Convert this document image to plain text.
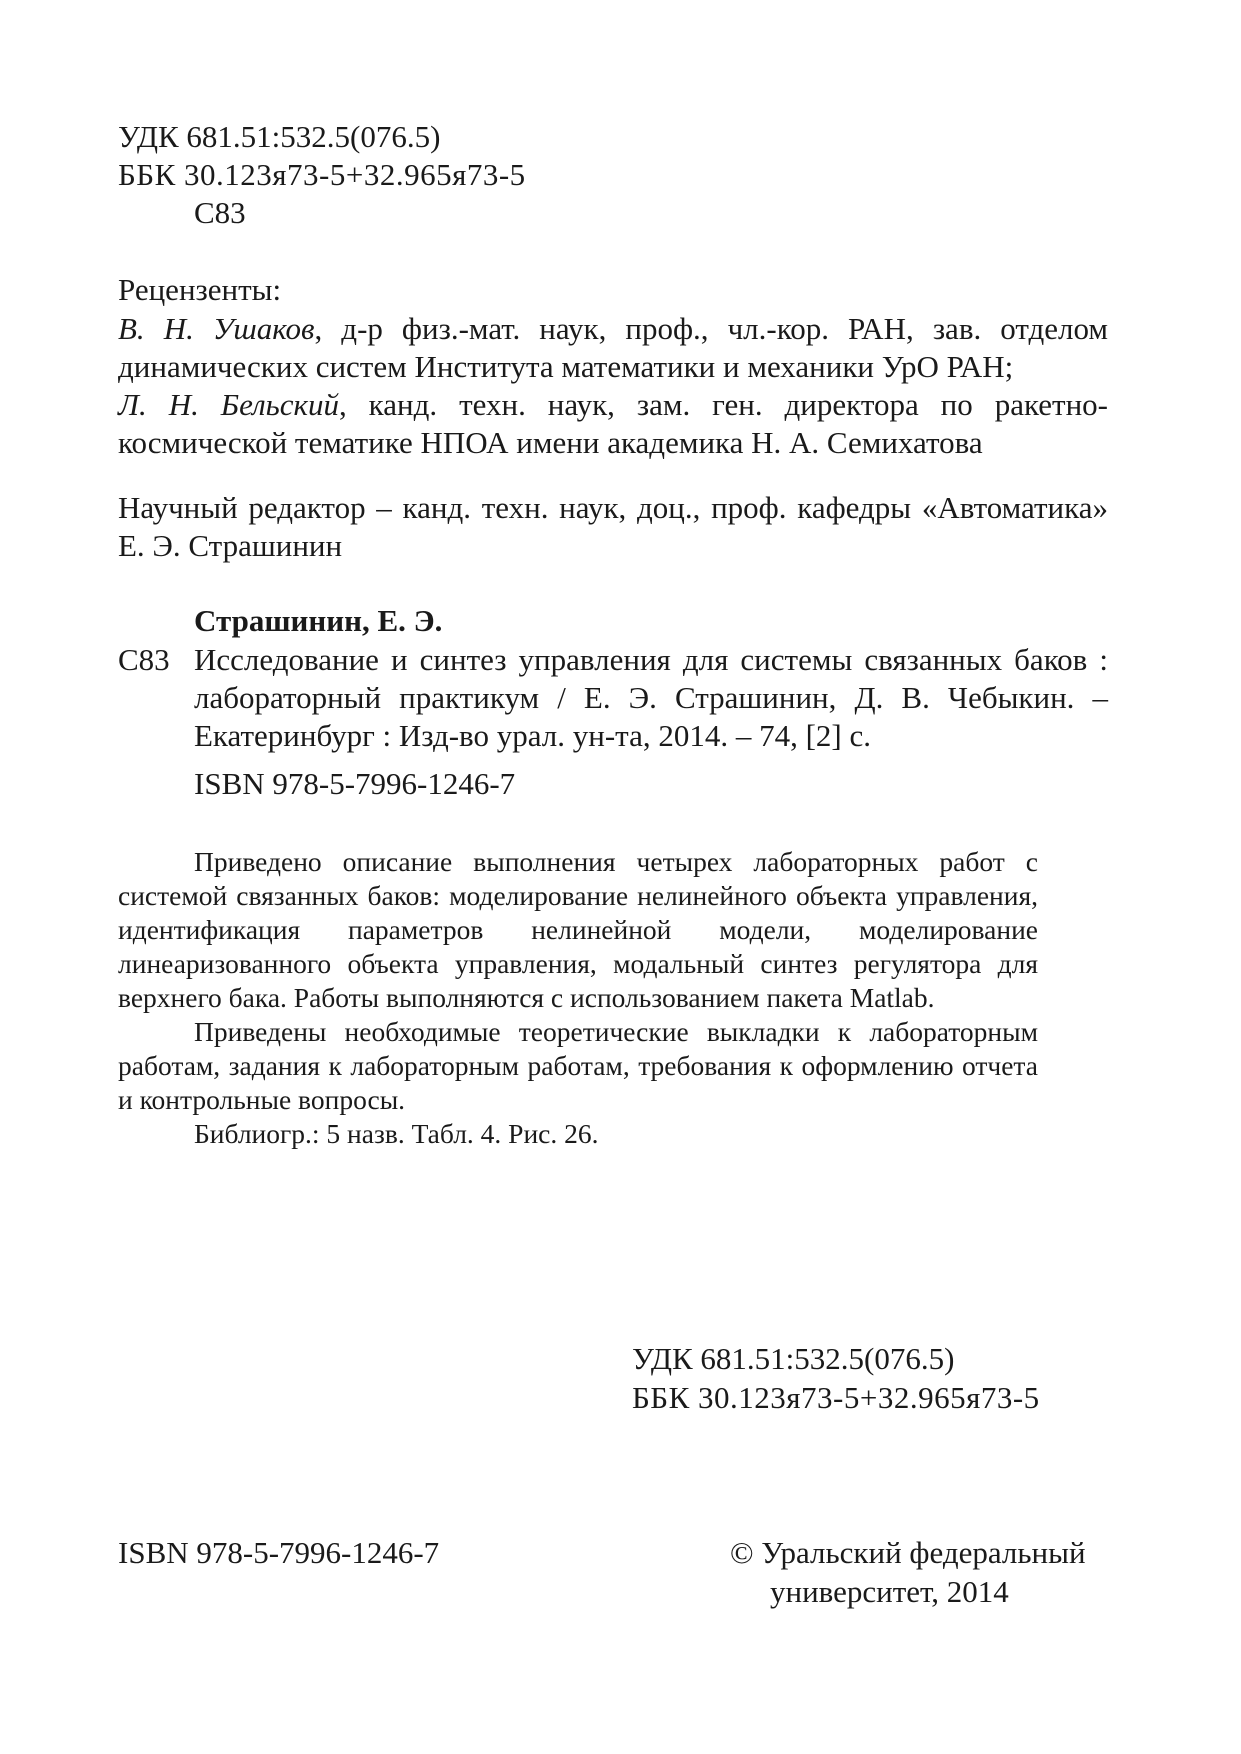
УДК 681.51:532.5(076.5)
ББК 30.123я73-5+32.965я73-5
С83
Рецензенты:
В. Н. Ушаков, д-р физ.-мат. наук, проф., чл.-кор. РАН, зав. отделом динамических систем Института математики и механики УрО РАН;
Л. Н. Бельский, канд. техн. наук, зам. ген. директора по ракетно-космической тематике НПОА имени академика Н. А. Семихатова
Научный редактор – канд. техн. наук, доц., проф. кафедры «Автоматика» Е. Э. Страшинин
Страшинин, Е. Э.
С83 Исследование и синтез управления для системы связанных баков : лабораторный практикум / Е. Э. Страшинин, Д. В. Чебыкин. – Екатеринбург : Изд-во урал. ун-та, 2014. – 74, [2] с.
ISBN 978-5-7996-1246-7
Приведено описание выполнения четырех лабораторных работ с системой связанных баков: моделирование нелинейного объекта управления, идентификация параметров нелинейной модели, моделирование линеаризованного объекта управления, модальный синтез регулятора для верхнего бака. Работы выполняются с использованием пакета Matlab.
Приведены необходимые теоретические выкладки к лабораторным работам, задания к лабораторным работам, требования к оформлению отчета и контрольные вопросы.
Библиогр.: 5 назв. Табл. 4. Рис. 26.
УДК 681.51:532.5(076.5)
ББК 30.123я73-5+32.965я73-5
ISBN 978-5-7996-1246-7	© Уральский федеральный
университет, 2014
